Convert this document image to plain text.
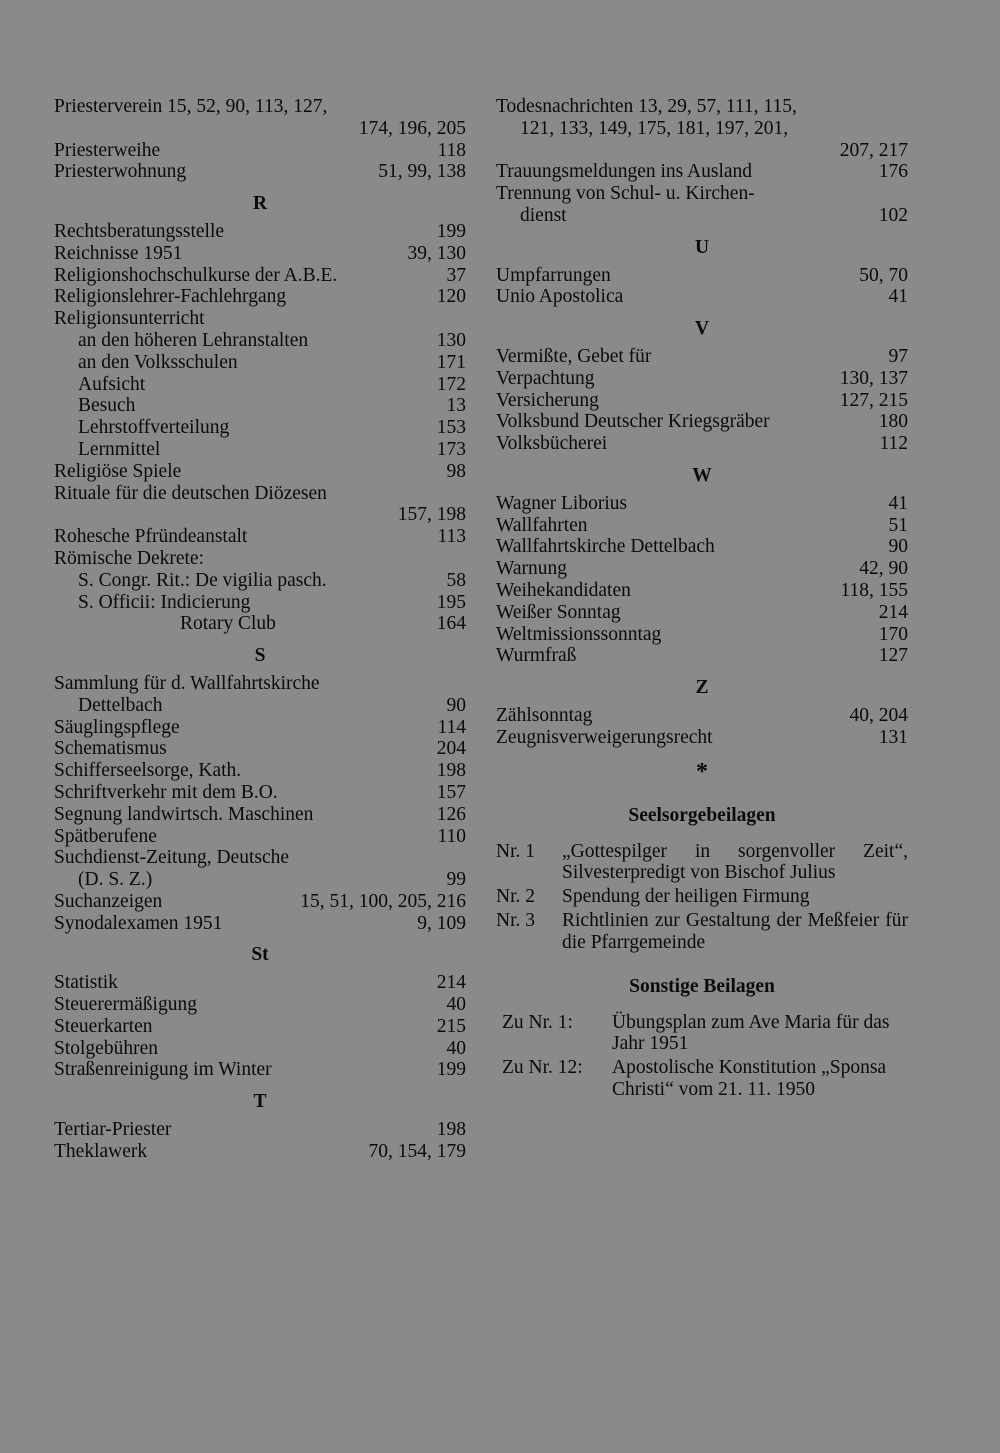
Priesterverein 15, 52, 90, 113, 127,
174, 196, 205
Priesterweihe	118
Priesterwohnung	51, 99, 138
R
Rechtsberatungsstelle	199
Reichnisse 1951	39, 130
Religionshochschulkurse der A.B.E.	37
Religionslehrer-Fachlehrgang	120
Religionsunterricht
an den höheren Lehranstalten	130
an den Volksschulen	171
Aufsicht	172
Besuch	13
Lehrstoffverteilung	153
Lernmittel	173
Religiöse Spiele	98
Rituale für die deutschen Diözesen
157, 198
Rohesche Pfründeanstalt	113
Römische Dekrete:
S. Congr. Rit.: De vigilia pasch.	58
S. Officii: Indicierung	195
Rotary Club	164
S
Sammlung für d. Wallfahrtskirche
Dettelbach	90
Säuglingspflege	114
Schematismus	204
Schifferseelsorge, Kath.	198
Schriftverkehr mit dem B.O.	157
Segnung landwirtsch. Maschinen	126
Spätberufene	110
Suchdienst-Zeitung, Deutsche
(D. S. Z.)	99
Suchanzeigen	15, 51, 100, 205, 216
Synodalexamen 1951	9, 109
St
Statistik	214
Steuerermäßigung	40
Steuerkarten	215
Stolgebühren	40
Straßenreinigung im Winter	199
T
Tertiar-Priester	198
Theklawerk	70, 154, 179
Todesnachrichten 13, 29, 57, 111, 115,
121, 133, 149, 175, 181, 197, 201,
207, 217
Trauungsmeldungen ins Ausland	176
Trennung von Schul- u. Kirchen-
dienst	102
U
Umpfarrungen	50, 70
Unio Apostolica	41
V
Vermißte, Gebet für	97
Verpachtung	130, 137
Versicherung	127, 215
Volksbund Deutscher Kriegsgräber	180
Volksbücherei	112
W
Wagner Liborius	41
Wallfahrten	51
Wallfahrtskirche Dettelbach	90
Warnung	42, 90
Weihekandidaten	118, 155
Weißer Sonntag	214
Weltmissionssonntag	170
Wurmfraß	127
Z
Zählsonntag	40, 204
Zeugnisverweigerungsrecht	131
*
Seelsorgebeilagen
Nr. 1	„Gottespilger in sorgenvoller Zeit“, Silvesterpredigt von Bischof Julius
Nr. 2	Spendung der heiligen Firmung
Nr. 3	Richtlinien zur Gestaltung der Meßfeier für die Pfarrgemeinde
Sonstige Beilagen
Zu Nr. 1:	Übungsplan zum Ave Maria für das Jahr 1951
Zu Nr. 12:	Apostolische Konstitution „Sponsa Christi“ vom 21. 11. 1950
